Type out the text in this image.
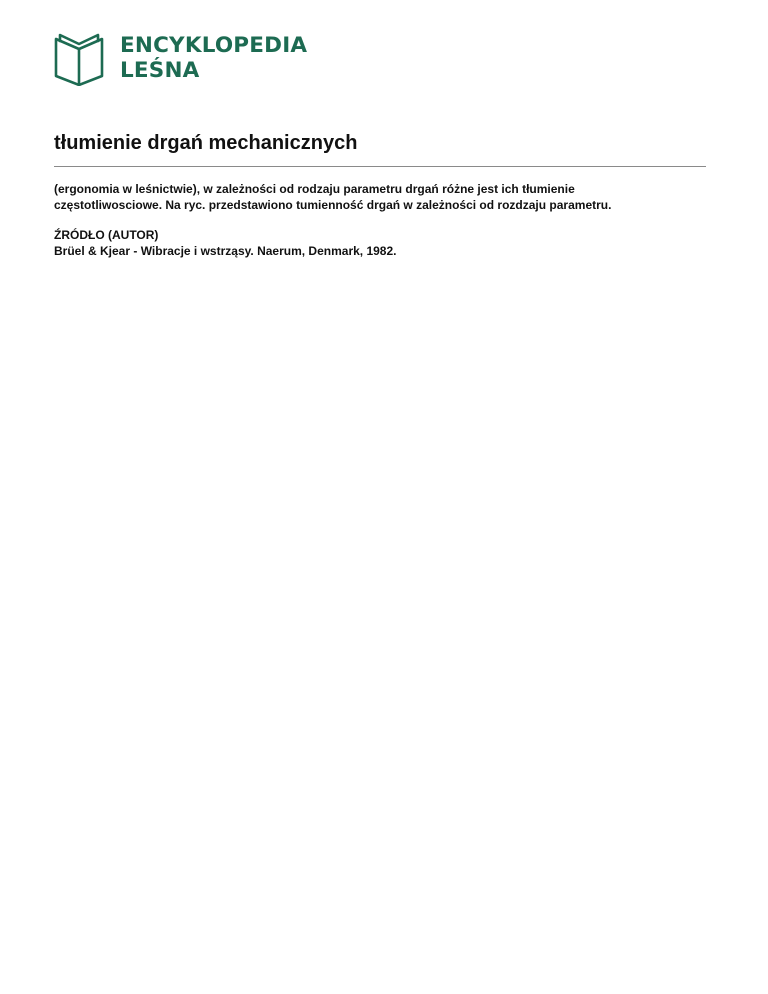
ENCYKLOPEDIA
LEŚNA
tłumienie drgań mechanicznych

(ergonomia w leśnictwie), w zależności od rodzaju parametru drgań różne jest ich tłumienie
częstotliwosciowe. Na ryc. przedstawiono tumienność drgań w zależności od rozdzaju parametru.

ŹRÓDŁO (AUTOR)
Brüel & Kjear - Wibracje i wstrząsy. Naerum, Denmark, 1982.
